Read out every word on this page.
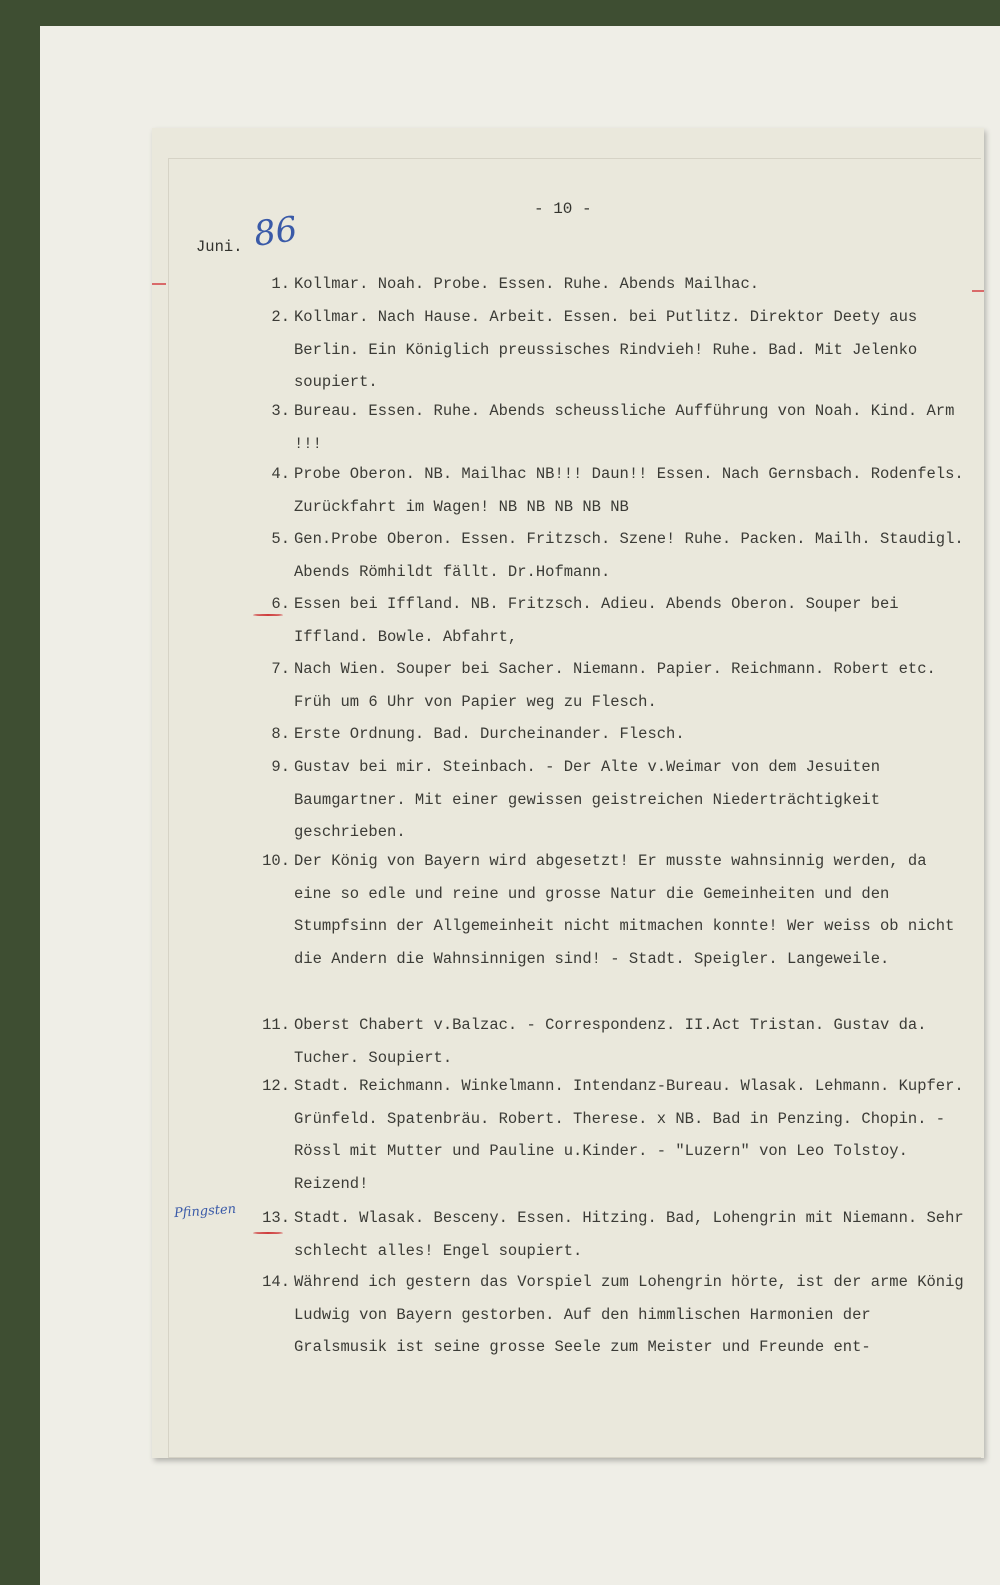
- 10 -
Juni. 86
Pfingsten
1. Kollmar. Noah. Probe. Essen. Ruhe. Abends Mailhac.
2. Kollmar. Nach Hause. Arbeit. Essen. bei Putlitz. Direktor Deety aus Berlin. Ein Königlich preussisches Rindvieh! Ruhe. Bad. Mit Jelenko soupiert.
3. Bureau. Essen. Ruhe. Abends scheussliche Aufführung von Noah. Kind. Arm !!!
4. Probe Oberon. NB. Mailhac NB!!! Daun!! Essen. Nach Gernsbach. Rodenfels. Zurückfahrt im Wagen! NB NB NB NB NB
5. Gen.Probe Oberon. Essen. Fritzsch. Szene! Ruhe. Packen. Mailh. Staudigl. Abends Römhildt fällt. Dr.Hofmann.
6. Essen bei Iffland. NB. Fritzsch. Adieu. Abends Oberon. Souper bei Iffland. Bowle. Abfahrt,
7. Nach Wien. Souper bei Sacher. Niemann. Papier. Reichmann. Robert etc. Früh um 6 Uhr von Papier weg zu Flesch.
8. Erste Ordnung. Bad. Durcheinander. Flesch.
9. Gustav bei mir. Steinbach. - Der Alte v.Weimar von dem Jesuiten Baumgartner. Mit einer gewissen geistreichen Niederträchtigkeit geschrieben.
10. Der König von Bayern wird abgesetzt! Er musste wahnsinnig werden, da eine so edle und reine und grosse Natur die Gemeinheiten und den Stumpfsinn der Allgemeinheit nicht mitmachen konnte! Wer weiss ob nicht die Andern die Wahnsinnigen sind! - Stadt. Speigler. Langeweile.
11. Oberst Chabert v.Balzac. - Correspondenz. II.Act Tristan. Gustav da. Tucher. Soupiert.
12. Stadt. Reichmann. Winkelmann. Intendanz-Bureau. Wlasak. Lehmann. Kupfer. Grünfeld. Spatenbräu. Robert. Therese. x NB. Bad in Penzing. Chopin. - Rössl mit Mutter und Pauline u.Kinder. - "Luzern" von Leo Tolstoy. Reizend!
13. Stadt. Wlasak. Besceny. Essen. Hitzing. Bad, Lohengrin mit Niemann. Sehr schlecht alles! Engel soupiert.
14. Während ich gestern das Vorspiel zum Lohengrin hörte, ist der arme König Ludwig von Bayern gestorben. Auf den himmlischen Harmonien der Gralsmusik ist seine grosse Seele zum Meister und Freunde ent-
